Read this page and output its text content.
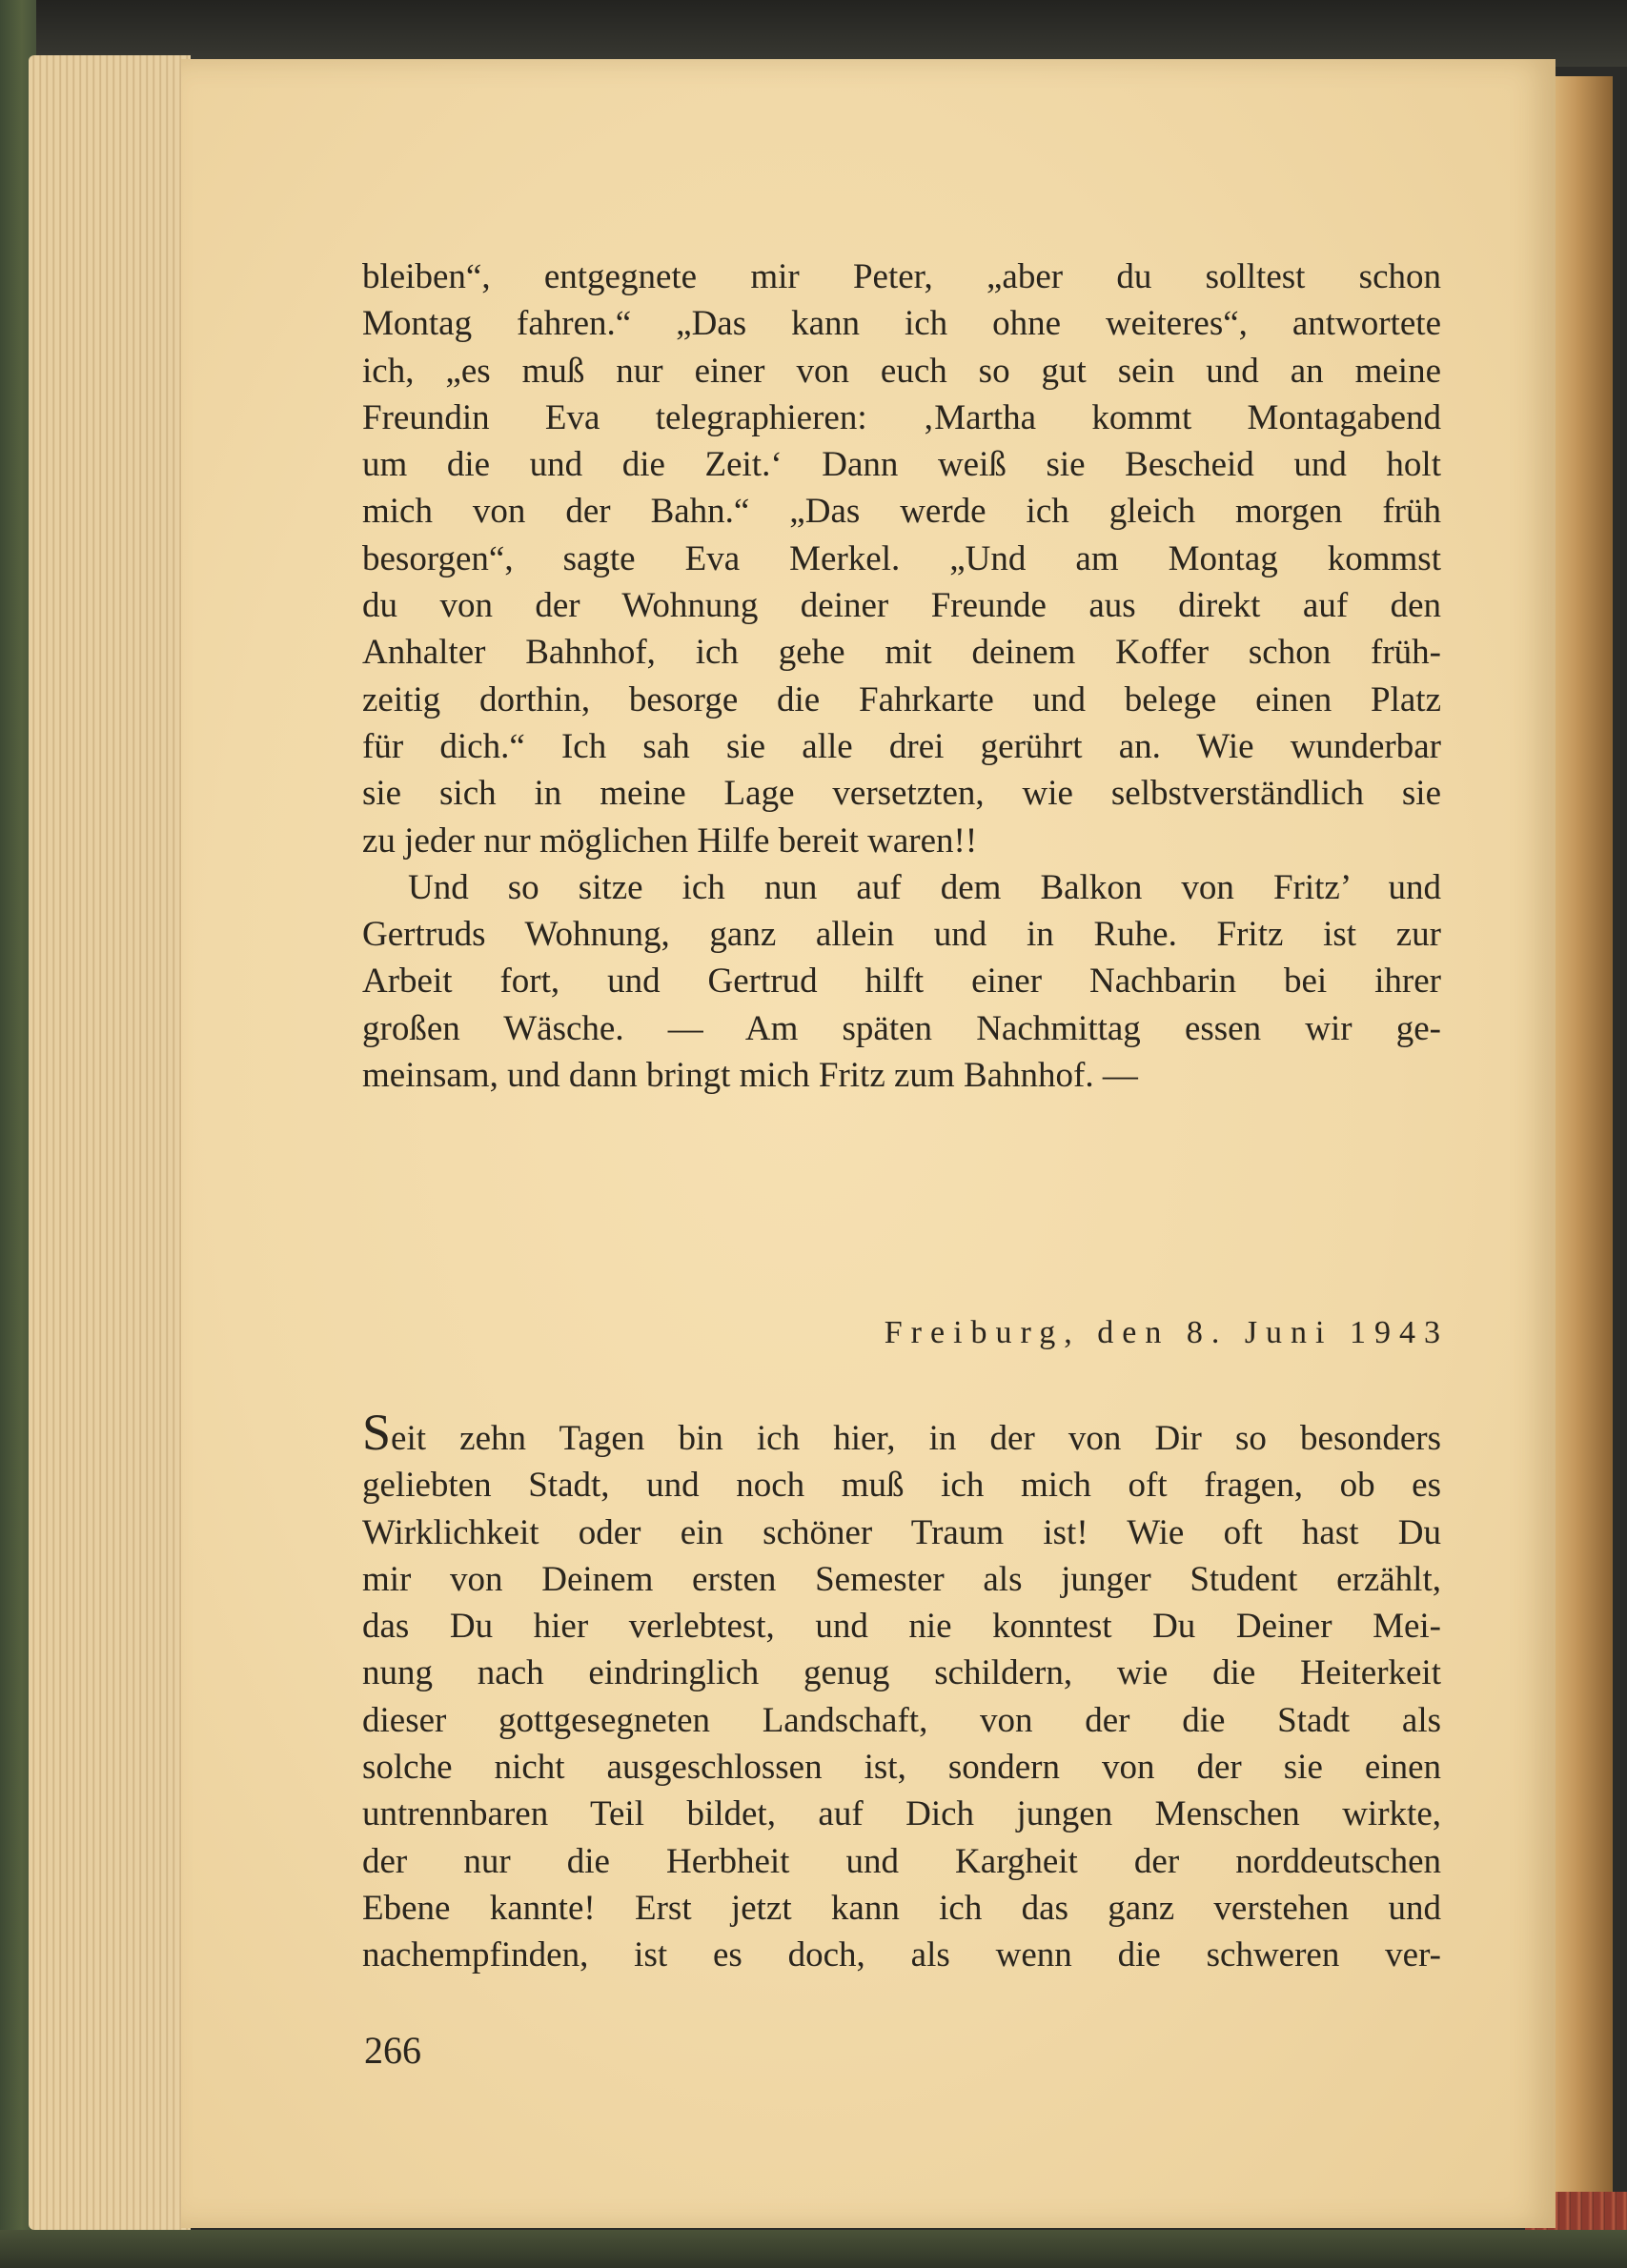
bleiben“, entgegnete mir Peter, „aber du solltest schon
Montag fahren.“ „Das kann ich ohne weiteres“, antwortete
ich, „es muß nur einer von euch so gut sein und an meine
Freundin Eva telegraphieren: ‚Martha kommt Montagabend
um die und die Zeit.‘ Dann weiß sie Bescheid und holt
mich von der Bahn.“ „Das werde ich gleich morgen früh
besorgen“, sagte Eva Merkel. „Und am Montag kommst
du von der Wohnung deiner Freunde aus direkt auf den
Anhalter Bahnhof, ich gehe mit deinem Koffer schon früh-
zeitig dorthin, besorge die Fahrkarte und belege einen Platz
für dich.“ Ich sah sie alle drei gerührt an. Wie wunderbar
sie sich in meine Lage versetzten, wie selbstverständlich sie
zu jeder nur möglichen Hilfe bereit waren!!
Und so sitze ich nun auf dem Balkon von Fritz’ und
Gertruds Wohnung, ganz allein und in Ruhe. Fritz ist zur
Arbeit fort, und Gertrud hilft einer Nachbarin bei ihrer
großen Wäsche. — Am späten Nachmittag essen wir ge-
meinsam, und dann bringt mich Fritz zum Bahnhof. —
Freiburg, den 8. Juni 1943
Seit zehn Tagen bin ich hier, in der von Dir so besonders
geliebten Stadt, und noch muß ich mich oft fragen, ob es
Wirklichkeit oder ein schöner Traum ist! Wie oft hast Du
mir von Deinem ersten Semester als junger Student erzählt,
das Du hier verlebtest, und nie konntest Du Deiner Mei-
nung nach eindringlich genug schildern, wie die Heiterkeit
dieser gottgesegneten Landschaft, von der die Stadt als
solche nicht ausgeschlossen ist, sondern von der sie einen
untrennbaren Teil bildet, auf Dich jungen Menschen wirkte,
der nur die Herbheit und Kargheit der norddeutschen
Ebene kannte! Erst jetzt kann ich das ganz verstehen und
nachempfinden, ist es doch, als wenn die schweren ver-
266
